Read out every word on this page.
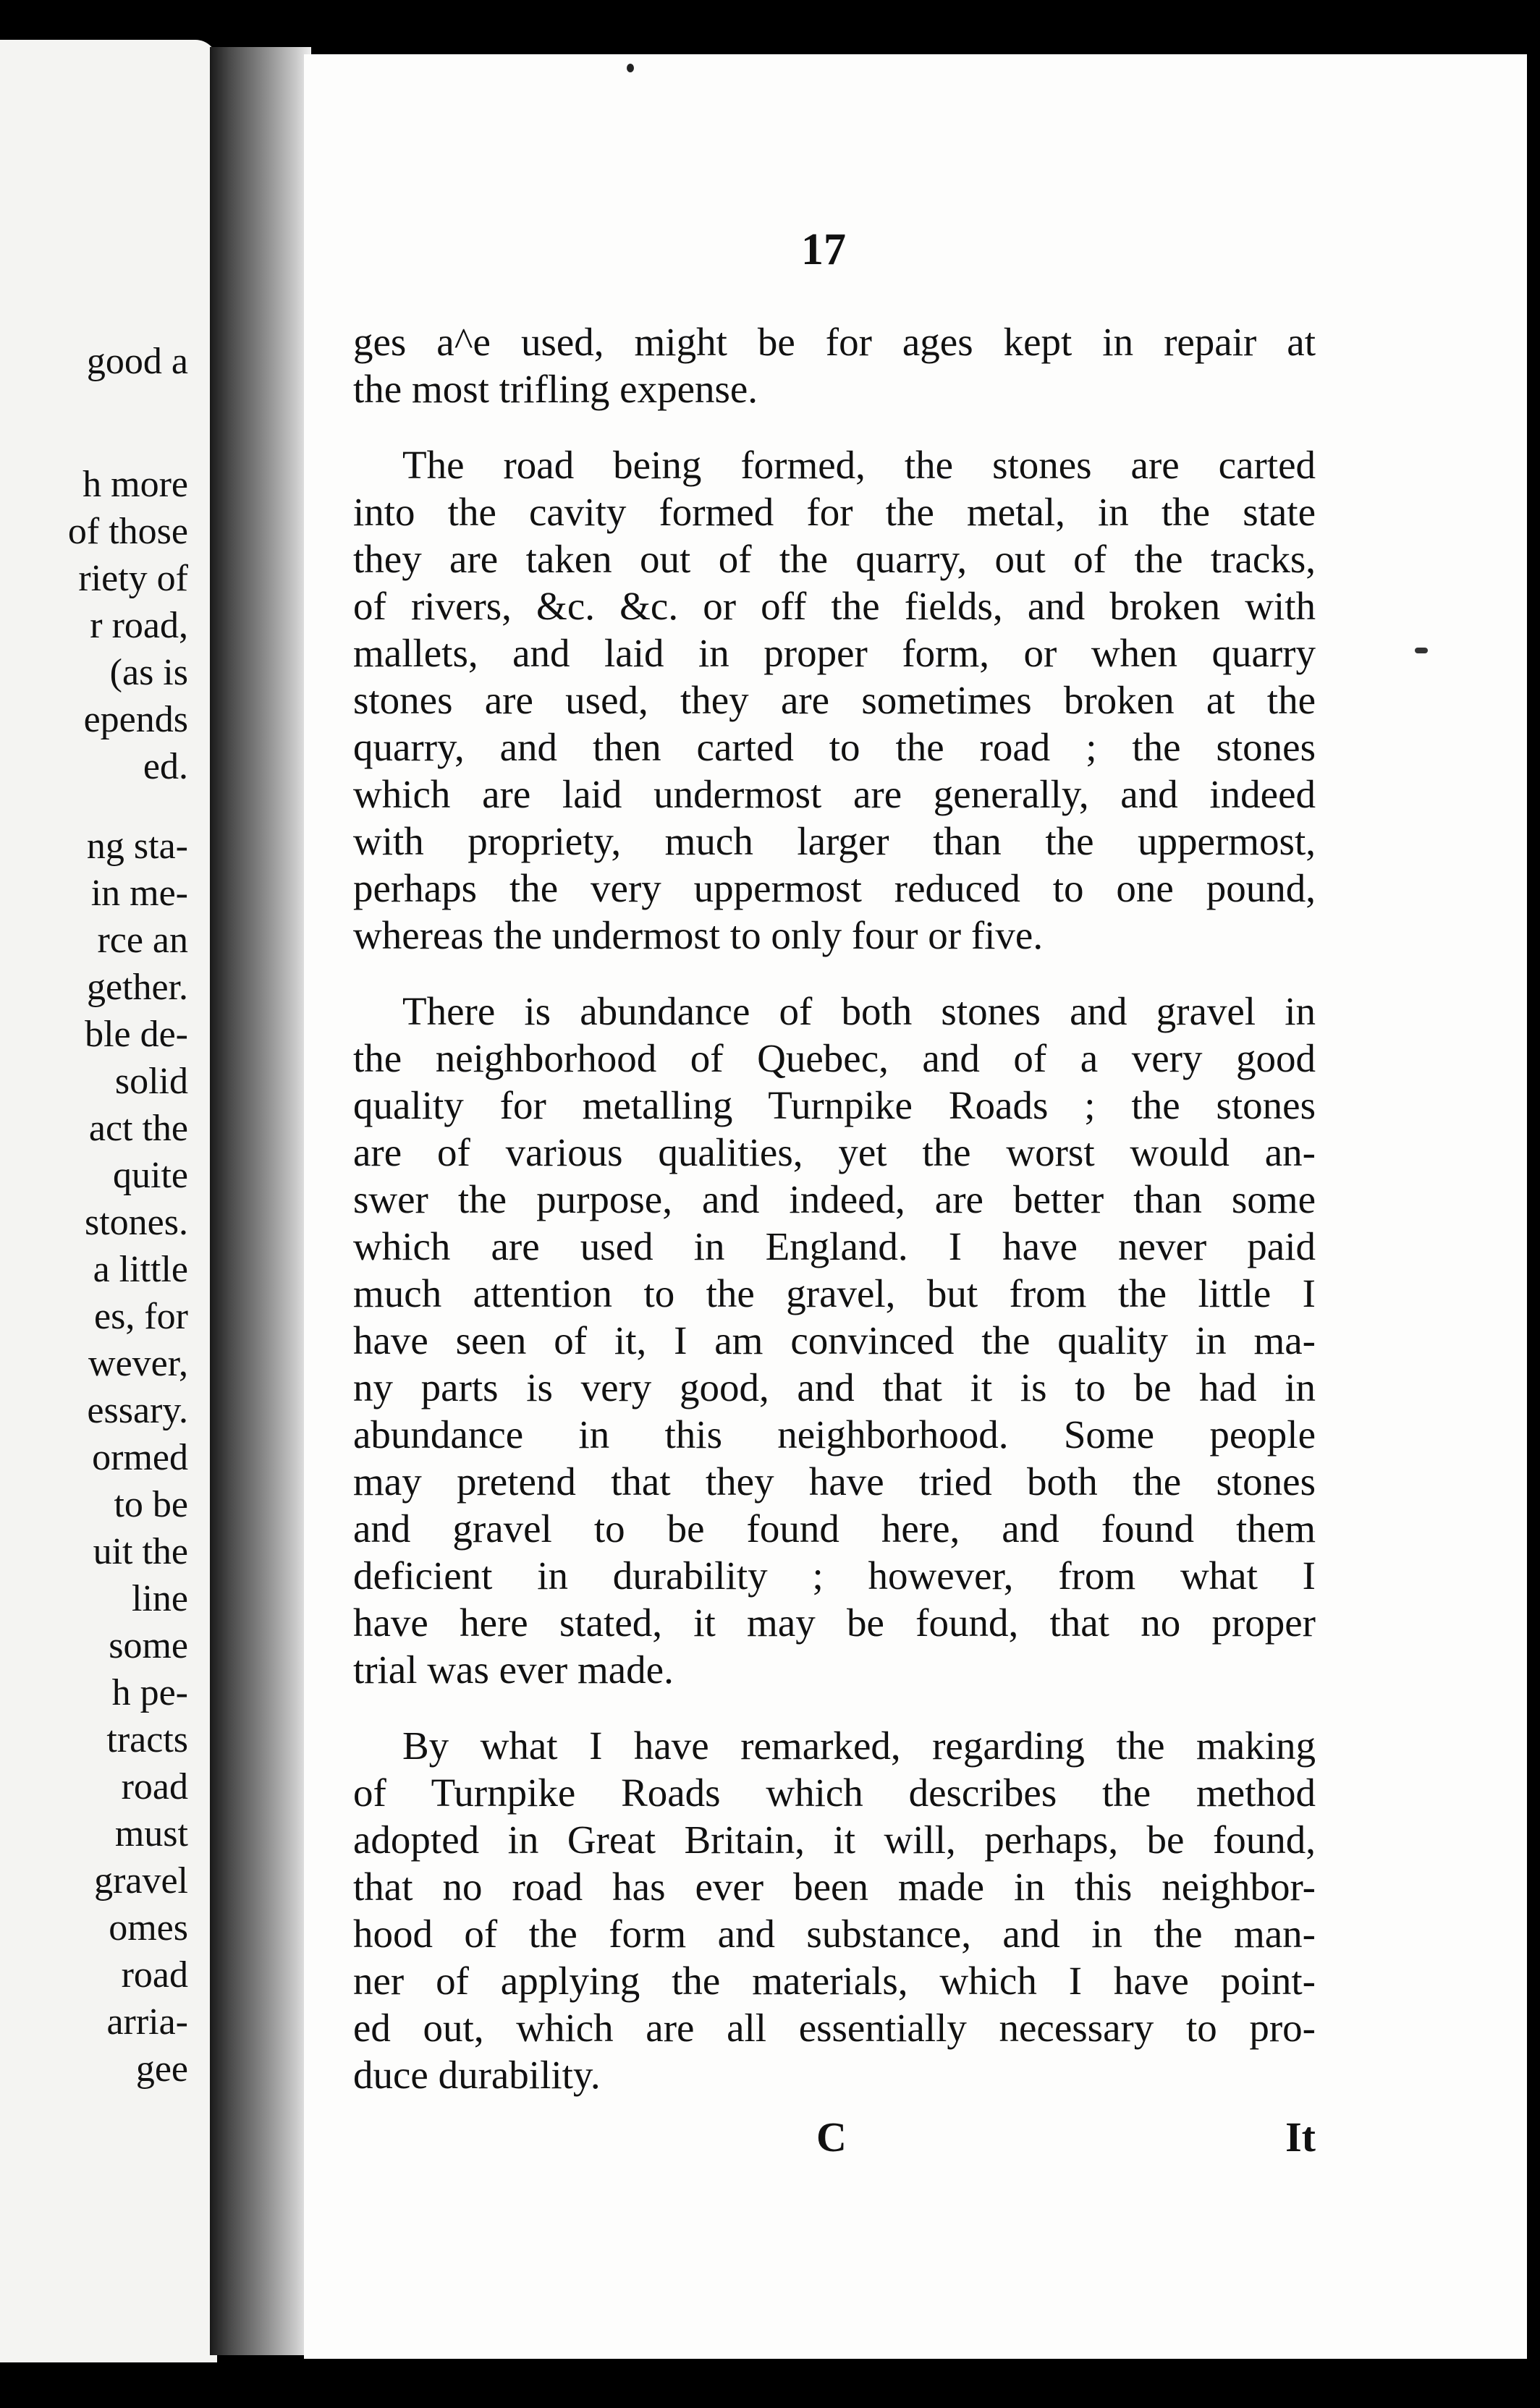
good a
h more
of those
riety of
r road,
(as is
epends
ed.
ng sta-
in me-
rce an
gether.
ble de-
solid
act the
quite
stones.
a little
es, for
wever,
essary.
ormed
to be
uit the
line
some
h pe-
tracts
road
must
gravel
omes
road
arria-
gee
17
ges a^e used, might be for ages kept in repair at
the most trifling expense.
The road being formed, the stones are carted
into the cavity formed for the metal, in the state
they are taken out of the quarry, out of the tracks,
of rivers, &c. &c. or off the fields, and broken with
mallets, and laid in proper form, or when quarry
stones are used, they are sometimes broken at the
quarry, and then carted to the road ; the stones
which are laid undermost are generally, and indeed
with propriety, much larger than the uppermost,
perhaps the very uppermost reduced to one pound,
whereas the undermost to only four or five.
There is abundance of both stones and gravel in
the neighborhood of Quebec, and of a very good
quality for metalling Turnpike Roads ; the stones
are of various qualities, yet the worst would an-
swer the purpose, and indeed, are better than some
which are used in England. I have never paid
much attention to the gravel, but from the little I
have seen of it, I am convinced the quality in ma-
ny parts is very good, and that it is to be had in
abundance in this neighborhood. Some people
may pretend that they have tried both the stones
and gravel to be found here, and found them
deficient in durability ; however, from what I
have here stated, it may be found, that no proper
trial was ever made.
By what I have remarked, regarding the making
of Turnpike Roads which describes the method
adopted in Great Britain, it will, perhaps, be found,
that no road has ever been made in this neighbor-
hood of the form and substance, and in the man-
ner of applying the materials, which I have point-
ed out, which are all essentially necessary to pro-
duce durability.
C	It
